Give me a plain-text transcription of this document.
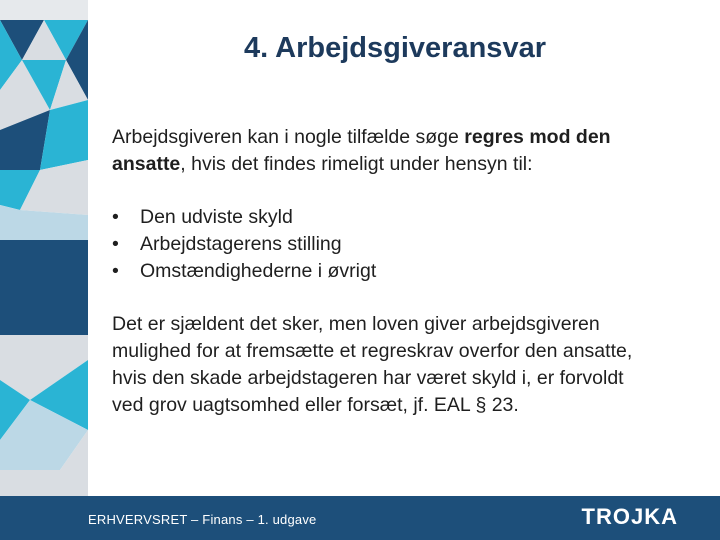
4. Arbejdsgiveransvar

Arbejdsgiveren kan i nogle tilfælde søge regres mod den
ansatte, hvis det findes rimeligt under hensyn til:

•	Den udviste skyld
•	Arbejdstagerens stilling
•	Omstændighederne i øvrigt

Det er sjældent det sker, men loven giver arbejdsgiveren
mulighed for at fremsætte et regreskrav overfor den ansatte,
hvis den skade arbejdstageren har været skyld i, er forvoldt
ved grov uagtsomhed eller forsæt, jf. EAL § 23.

ERHVERVSRET – Finans – 1. udgave	TROJKA
